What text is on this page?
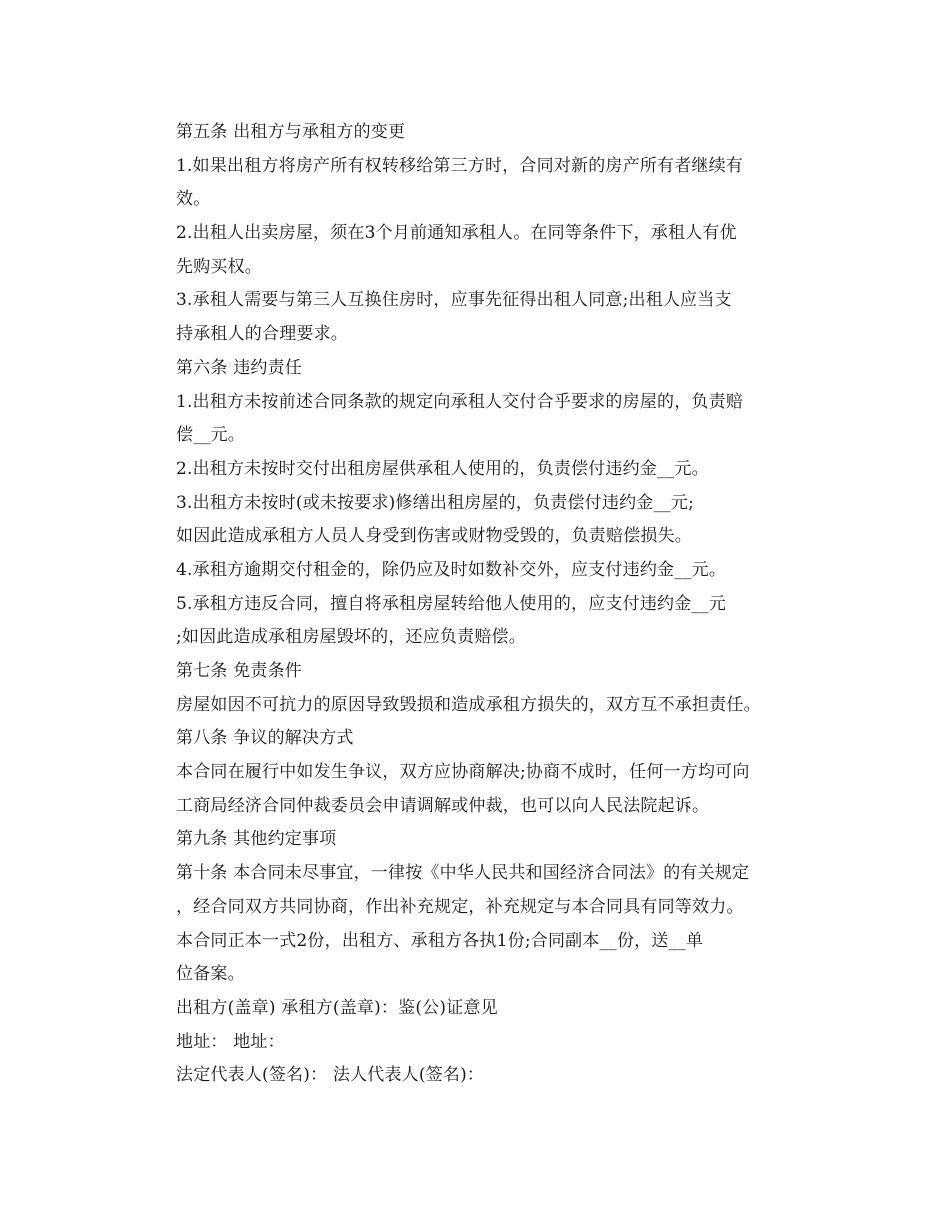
第五条 出租方与承租方的变更
1.如果出租方将房产所有权转移给第三方时，合同对新的房产所有者继续有
效。
2.出租人出卖房屋，须在3个月前通知承租人。在同等条件下，承租人有优
先购买权。
3.承租人需要与第三人互换住房时，应事先征得出租人同意;出租人应当支
持承租人的合理要求。
第六条 违约责任
1.出租方未按前述合同条款的规定向承租人交付合乎要求的房屋的，负责赔
偿__元。
2.出租方未按时交付出租房屋供承租人使用的，负责偿付违约金__元。
3.出租方未按时(或未按要求)修缮出租房屋的，负责偿付违约金__元;
如因此造成承租方人员人身受到伤害或财物受毁的，负责赔偿损失。
4.承租方逾期交付租金的，除仍应及时如数补交外，应支付违约金__元。
5.承租方违反合同，擅自将承租房屋转给他人使用的，应支付违约金__元
;如因此造成承租房屋毁坏的，还应负责赔偿。
第七条 免责条件
房屋如因不可抗力的原因导致毁损和造成承租方损失的，双方互不承担责任。
第八条 争议的解决方式
本合同在履行中如发生争议，双方应协商解决;协商不成时，任何一方均可向
工商局经济合同仲裁委员会申请调解或仲裁，也可以向人民法院起诉。
第九条 其他约定事项
第十条 本合同未尽事宜，一律按《中华人民共和国经济合同法》的有关规定
，经合同双方共同协商，作出补充规定，补充规定与本合同具有同等效力。
本合同正本一式2份，出租方、承租方各执1份;合同副本__份，送__单
位备案。
出租方(盖章) 承租方(盖章)：鉴(公)证意见
地址： 地址：
法定代表人(签名)： 法人代表人(签名)：
